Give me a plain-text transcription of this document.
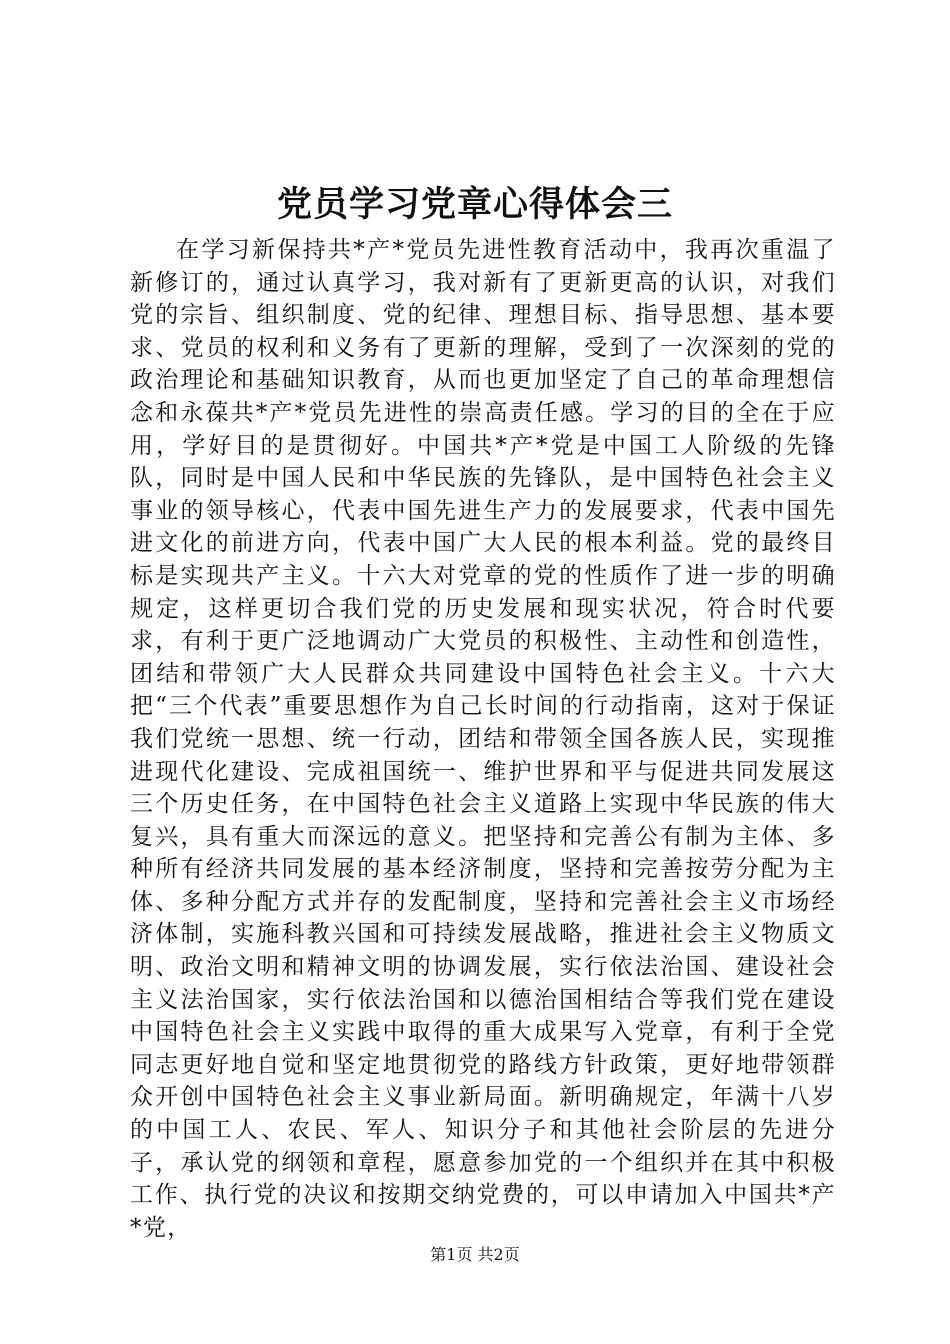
党员学习党章心得体会三

在学习新保持共*产*党员先进性教育活动中，我再次重温了新修订的，通过认真学习，我对新有了更新更高的认识，对我们党的宗旨、组织制度、党的纪律、理想目标、指导思想、基本要求、党员的权利和义务有了更新的理解，受到了一次深刻的党的政治理论和基础知识教育，从而也更加坚定了自己的革命理想信念和永葆共*产*党员先进性的崇高责任感。学习的目的全在于应用，学好目的是贯彻好。中国共*产*党是中国工人阶级的先锋队，同时是中国人民和中华民族的先锋队，是中国特色社会主义事业的领导核心，代表中国先进生产力的发展要求，代表中国先进文化的前进方向，代表中国广大人民的根本利益。党的最终目标是实现共产主义。十六大对党章的党的性质作了进一步的明确规定，这样更切合我们党的历史发展和现实状况，符合时代要求，有利于更广泛地调动广大党员的积极性、主动性和创造性，团结和带领广大人民群众共同建设中国特色社会主义。十六大把“三个代表”重要思想作为自己长时间的行动指南，这对于保证我们党统一思想、统一行动，团结和带领全国各族人民，实现推进现代化建设、完成祖国统一、维护世界和平与促进共同发展这三个历史任务，在中国特色社会主义道路上实现中华民族的伟大复兴，具有重大而深远的意义。把坚持和完善公有制为主体、多种所有经济共同发展的基本经济制度，坚持和完善按劳分配为主体、多种分配方式并存的发配制度，坚持和完善社会主义市场经济体制，实施科教兴国和可持续发展战略，推进社会主义物质文明、政治文明和精神文明的协调发展，实行依法治国、建设社会主义法治国家，实行依法治国和以德治国相结合等我们党在建设中国特色社会主义实践中取得的重大成果写入党章，有利于全党同志更好地自觉和坚定地贯彻党的路线方针政策，更好地带领群众开创中国特色社会主义事业新局面。新明确规定，年满十八岁的中国工人、农民、军人、知识分子和其他社会阶层的先进分子，承认党的纲领和章程，愿意参加党的一个组织并在其中积极工作、执行党的决议和按期交纳党费的，可以申请加入中国共*产*党，

第1页 共2页
